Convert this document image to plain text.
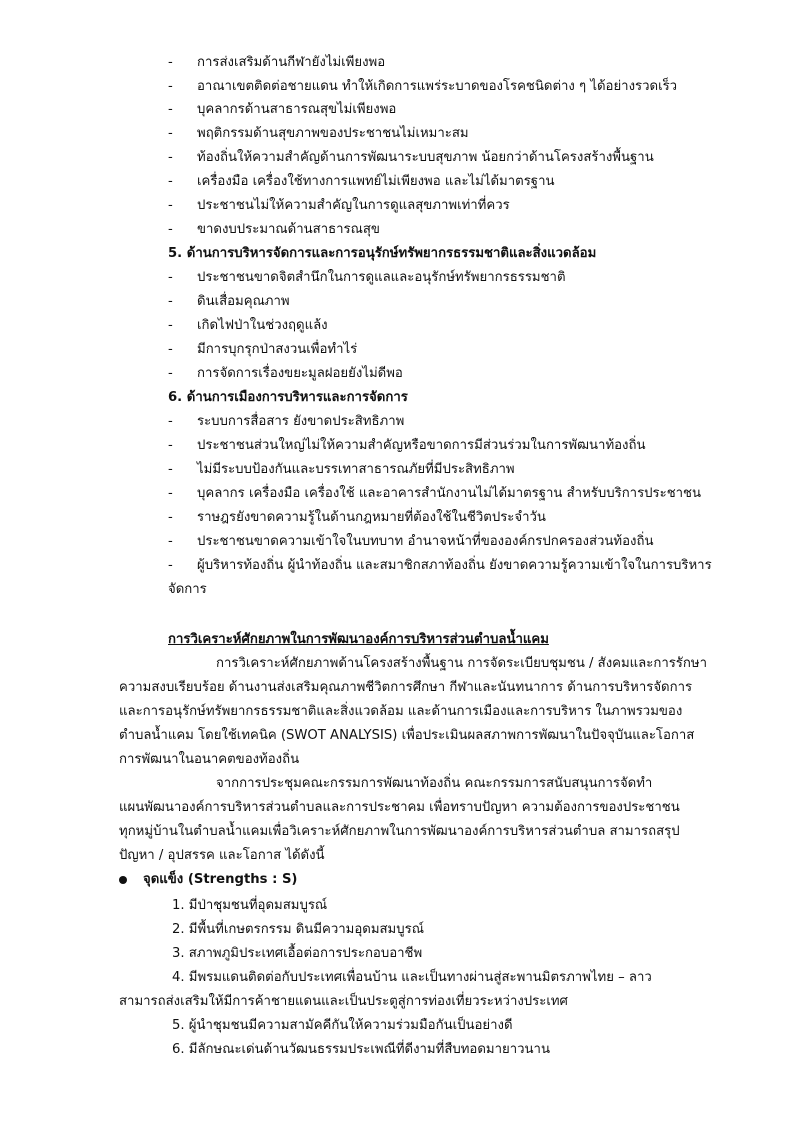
-	การส่งเสริมด้านกีฬายังไม่เพียงพอ
-	อาณาเขตติดต่อชายแดน ทำให้เกิดการแพร่ระบาดของโรคชนิดต่าง ๆ ได้อย่างรวดเร็ว
-	บุคลากรด้านสาธารณสุขไม่เพียงพอ
-	พฤติกรรมด้านสุขภาพของประชาชนไม่เหมาะสม
-	ท้องถิ่นให้ความสำคัญด้านการพัฒนาระบบสุขภาพ น้อยกว่าด้านโครงสร้างพื้นฐาน
-	เครื่องมือ เครื่องใช้ทางการแพทย์ไม่เพียงพอ และไม่ได้มาตรฐาน
-	ประชาชนไม่ให้ความสำคัญในการดูแลสุขภาพเท่าที่ควร
-	ขาดงบประมาณด้านสาธารณสุข
5. ด้านการบริหารจัดการและการอนุรักษ์ทรัพยากรธรรมชาติและสิ่งแวดล้อม
-	ประชาชนขาดจิตสำนึกในการดูแลและอนุรักษ์ทรัพยากรธรรมชาติ
-	ดินเสื่อมคุณภาพ
-	เกิดไฟป่าในช่วงฤดูแล้ง
-	มีการบุกรุกป่าสงวนเพื่อทำไร่
-	การจัดการเรื่องขยะมูลฝอยยังไม่ดีพอ
6. ด้านการเมืองการบริหารและการจัดการ
-	ระบบการสื่อสาร ยังขาดประสิทธิภาพ
-	ประชาชนส่วนใหญ่ไม่ให้ความสำคัญหรือขาดการมีส่วนร่วมในการพัฒนาท้องถิ่น
-	ไม่มีระบบป้องกันและบรรเทาสาธารณภัยที่มีประสิทธิภาพ
-	บุคลากร เครื่องมือ เครื่องใช้ และอาคารสำนักงานไม่ได้มาตรฐาน สำหรับบริการประชาชน
-	ราษฎรยังขาดความรู้ในด้านกฎหมายที่ต้องใช้ในชีวิตประจำวัน
-	ประชาชนขาดความเข้าใจในบทบาท อำนาจหน้าที่ขององค์กรปกครองส่วนท้องถิ่น
-	ผู้บริหารท้องถิ่น ผู้นำท้องถิ่น และสมาชิกสภาท้องถิ่น ยังขาดความรู้ความเข้าใจในการบริหาร
จัดการ
การวิเคราะห์ศักยภาพในการพัฒนาองค์การบริหารส่วนตำบลน้ำแคม
การวิเคราะห์ศักยภาพด้านโครงสร้างพื้นฐาน การจัดระเบียบชุมชน / สังคมและการรักษา
ความสงบเรียบร้อย ด้านงานส่งเสริมคุณภาพชีวิตการศึกษา กีฬาและนันทนาการ ด้านการบริหารจัดการ
และการอนุรักษ์ทรัพยากรธรรมชาติและสิ่งแวดล้อม และด้านการเมืองและการบริหาร ในภาพรวมของ
ตำบลน้ำแคม โดยใช้เทคนิค (SWOT ANALYSIS) เพื่อประเมินผลสภาพการพัฒนาในปัจจุบันและโอกาส
การพัฒนาในอนาคตของท้องถิ่น
จากการประชุมคณะกรรมการพัฒนาท้องถิ่น คณะกรรมการสนับสนุนการจัดทำ
แผนพัฒนาองค์การบริหารส่วนตำบลและการประชาคม เพื่อทราบปัญหา ความต้องการของประชาชน
ทุกหมู่บ้านในตำบลน้ำแคมเพื่อวิเคราะห์ศักยภาพในการพัฒนาองค์การบริหารส่วนตำบล สามารถสรุป
ปัญหา / อุปสรรค และโอกาส ได้ดังนี้
จุดแข็ง (Strengths : S)
1. มีป่าชุมชนที่อุดมสมบูรณ์
2. มีพื้นที่เกษตรกรรม ดินมีความอุดมสมบูรณ์
3. สภาพภูมิประเทศเอื้อต่อการประกอบอาชีพ
4. มีพรมแดนติดต่อกับประเทศเพื่อนบ้าน และเป็นทางผ่านสู่สะพานมิตรภาพไทย – ลาว
สามารถส่งเสริมให้มีการค้าชายแดนและเป็นประตูสู่การท่องเที่ยวระหว่างประเทศ
5. ผู้นำชุมชนมีความสามัคคีกันให้ความร่วมมือกันเป็นอย่างดี
6. มีลักษณะเด่นด้านวัฒนธรรมประเพณีที่ดีงามที่สืบทอดมายาวนาน
